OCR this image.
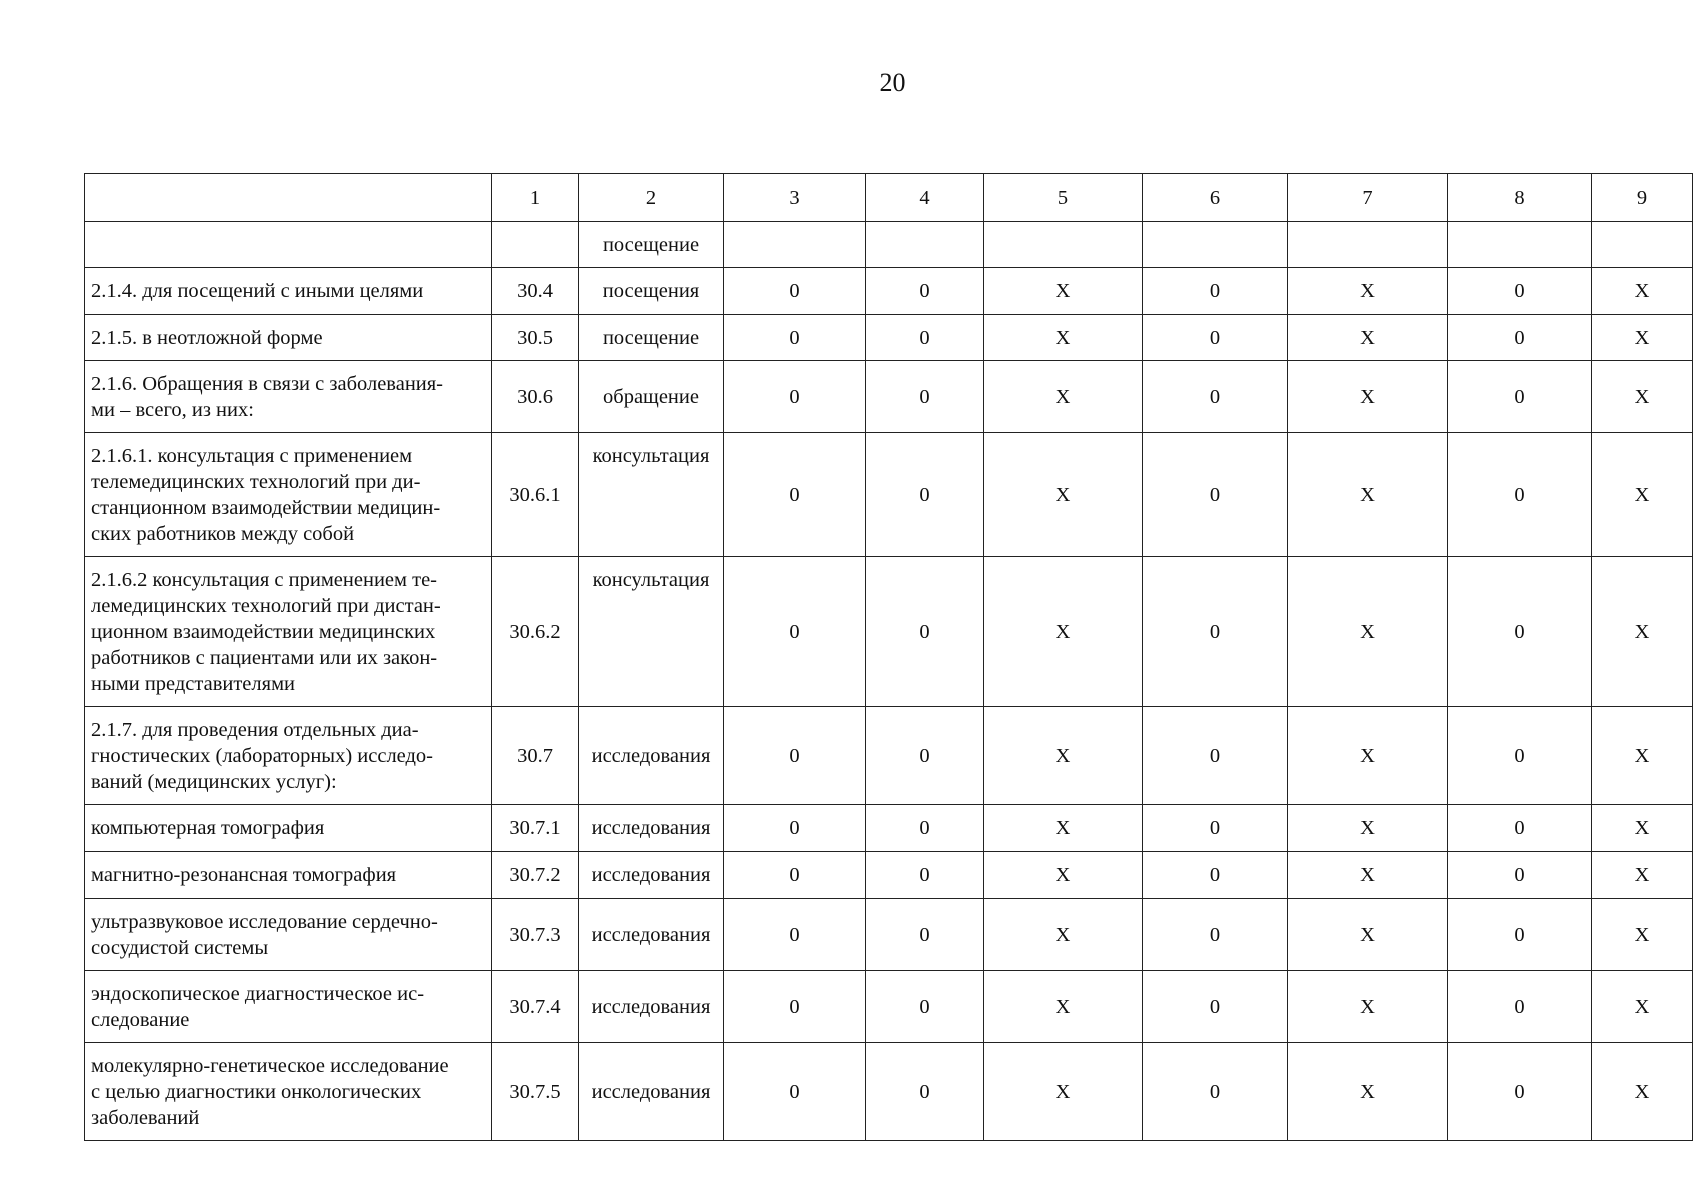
20
	1	2	3	4	5	6	7	8	9
		посещение							
2.1.4. для посещений с иными целями	30.4	посещения	0	0	Х	0	Х	0	Х
2.1.5. в неотложной форме	30.5	посещение	0	0	Х	0	Х	0	Х
2.1.6. Обращения в связи с заболевания-
ми – всего, из них:	30.6	обращение	0	0	Х	0	Х	0	Х
2.1.6.1. консультация с применением
телемедицинских технологий при ди-
станционном взаимодействии медицин-
ских работников между собой	30.6.1	консультация	0	0	Х	0	Х	0	Х
2.1.6.2 консультация с применением те-
лемедицинских технологий при дистан-
ционном взаимодействии медицинских
работников с пациентами или их закон-
ными представителями	30.6.2	консультация	0	0	Х	0	Х	0	Х
2.1.7. для проведения отдельных диа-
гностических (лабораторных) исследо-
ваний (медицинских услуг):	30.7	исследования	0	0	Х	0	Х	0	Х
компьютерная томография	30.7.1	исследования	0	0	Х	0	Х	0	Х
магнитно-резонансная томография	30.7.2	исследования	0	0	Х	0	Х	0	Х
ультразвуковое исследование сердечно-
сосудистой системы	30.7.3	исследования	0	0	Х	0	Х	0	Х
эндоскопическое диагностическое ис-
следование	30.7.4	исследования	0	0	Х	0	Х	0	Х
молекулярно-генетическое исследование
с целью диагностики онкологических
заболеваний	30.7.5	исследования	0	0	Х	0	Х	0	Х
